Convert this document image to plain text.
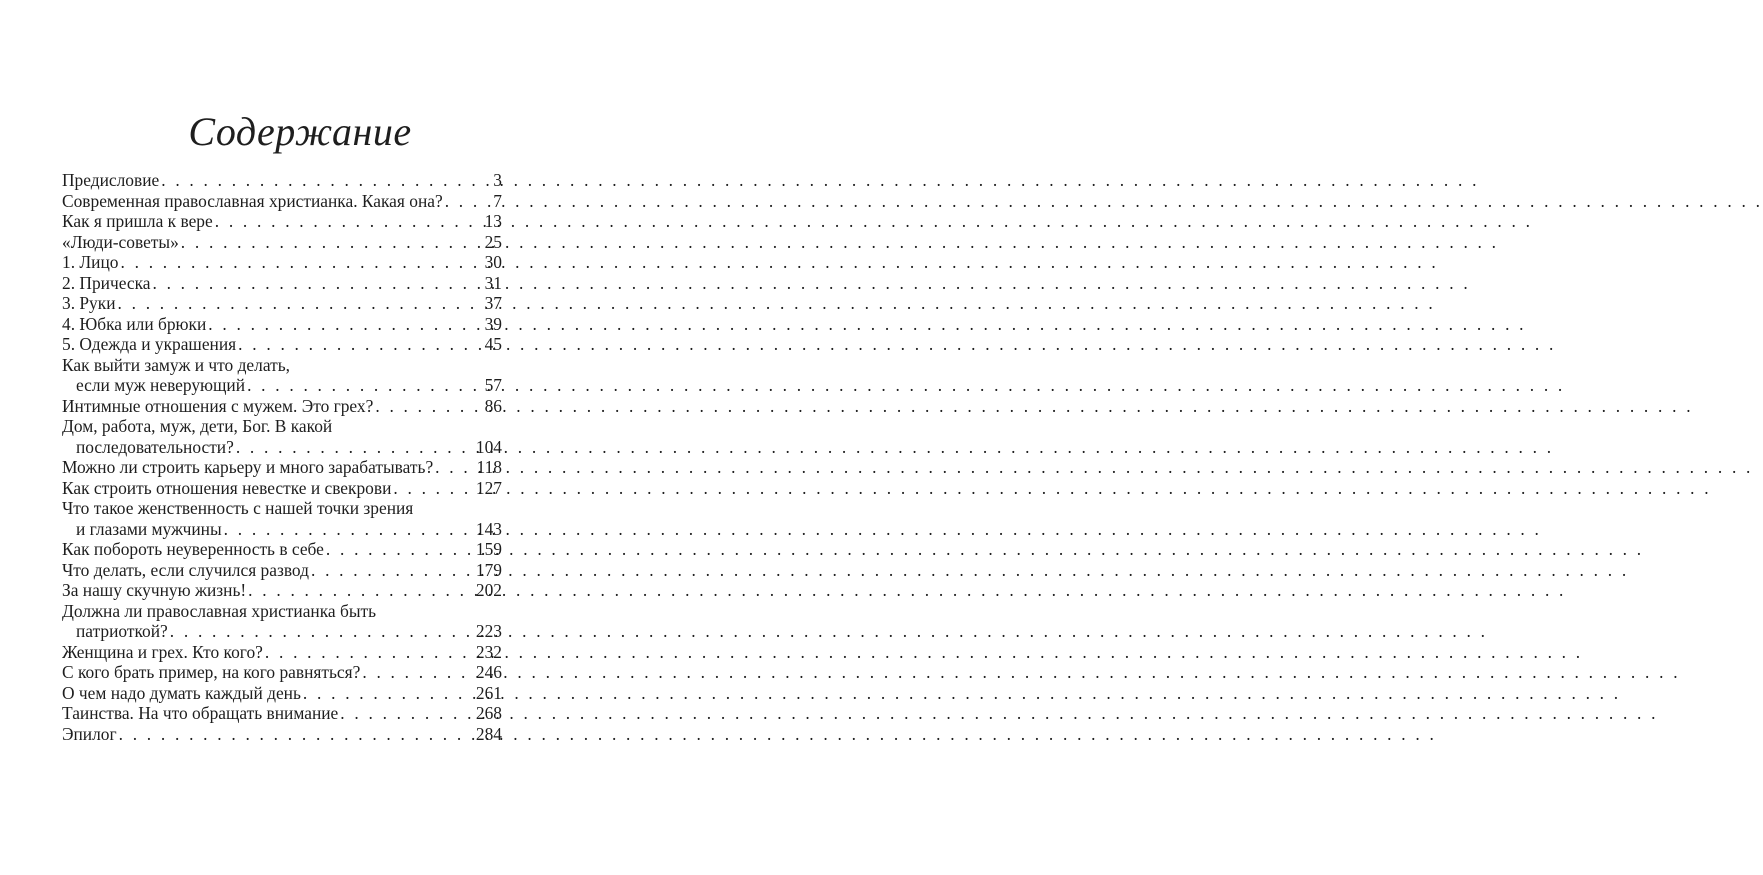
Содержание
Предисловие . . .	3
Современная православная христианка. Какая она? . . .	7
Как я пришла к вере . . .	13
«Люди-советы» . . .	25
1. Лицо . . .	30
2. Прическа . . .	31
3. Руки . . .	37
4. Юбка или брюки . . .	39
5. Одежда и украшения . . .	45
Как выйти замуж и что делать,
если муж неверующий . . .	57
Интимные отношения с мужем. Это грех? . . .	86
Дом, работа, муж, дети, Бог. В какой
последовательности? . . .	104
Можно ли строить карьеру и много зарабатывать? . . . 118
Как строить отношения невестке и свекрови . . .	127
Что такое женственность с нашей точки зрения
и глазами мужчины . . .	143
Как побороть неуверенность в себе . . .	159
Что делать, если случился развод . . .	179
За нашу скучную жизнь! . . .	202
Должна ли православная христианка быть
патриоткой? . . .	223
Женщина и грех. Кто кого? . . .	232
С кого брать пример, на кого равняться? . . .	246
О чем надо думать каждый день . . .	261
Таинства. На что обращать внимание . . .	268
Эпилог . . .	284
